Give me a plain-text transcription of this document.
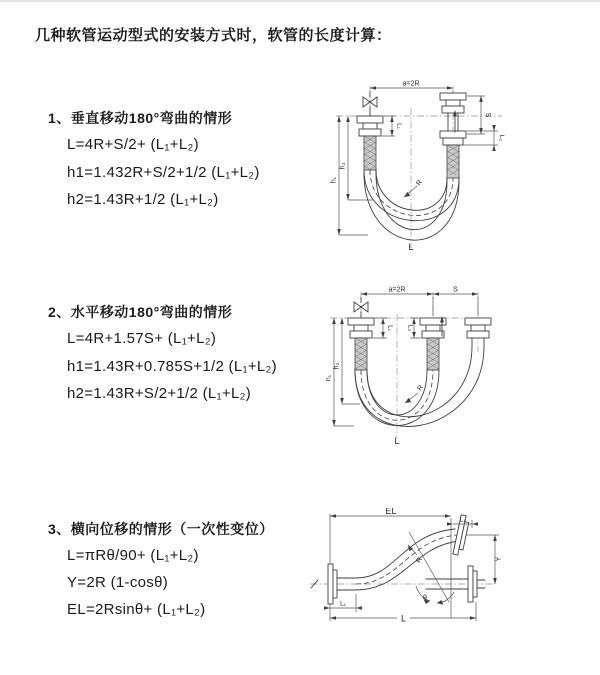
几种软管运动型式的安装方式时，软管的长度计算：
1、垂直移动180°弯曲的情形
L=4R+S/2+ (L₁+L₂)
h1=1.432R+S/2+1/2 (L₁+L₂)
h2=1.43R+1/2 (L₁+L₂)
2、水平移动180°弯曲的情形
L=4R+1.57S+ (L₁+L₂)
h1=1.43R+0.785S+1/2 (L₁+L₂)
h2=1.43R+S/2+1/2 (L₁+L₂)
3、横向位移的情形（一次性变位）
L=πRθ/90+ (L₁+L₂)
Y=2R (1-cosθ)
EL=2Rsinθ+ (L₁+L₂)
a=2R
L₁
S
L₂
h₁
h₂
R
L
a=2R	S
L₁ L₂
h₁
h₂
R
L
EL
L₁
Y
R
θ
L
L₁
